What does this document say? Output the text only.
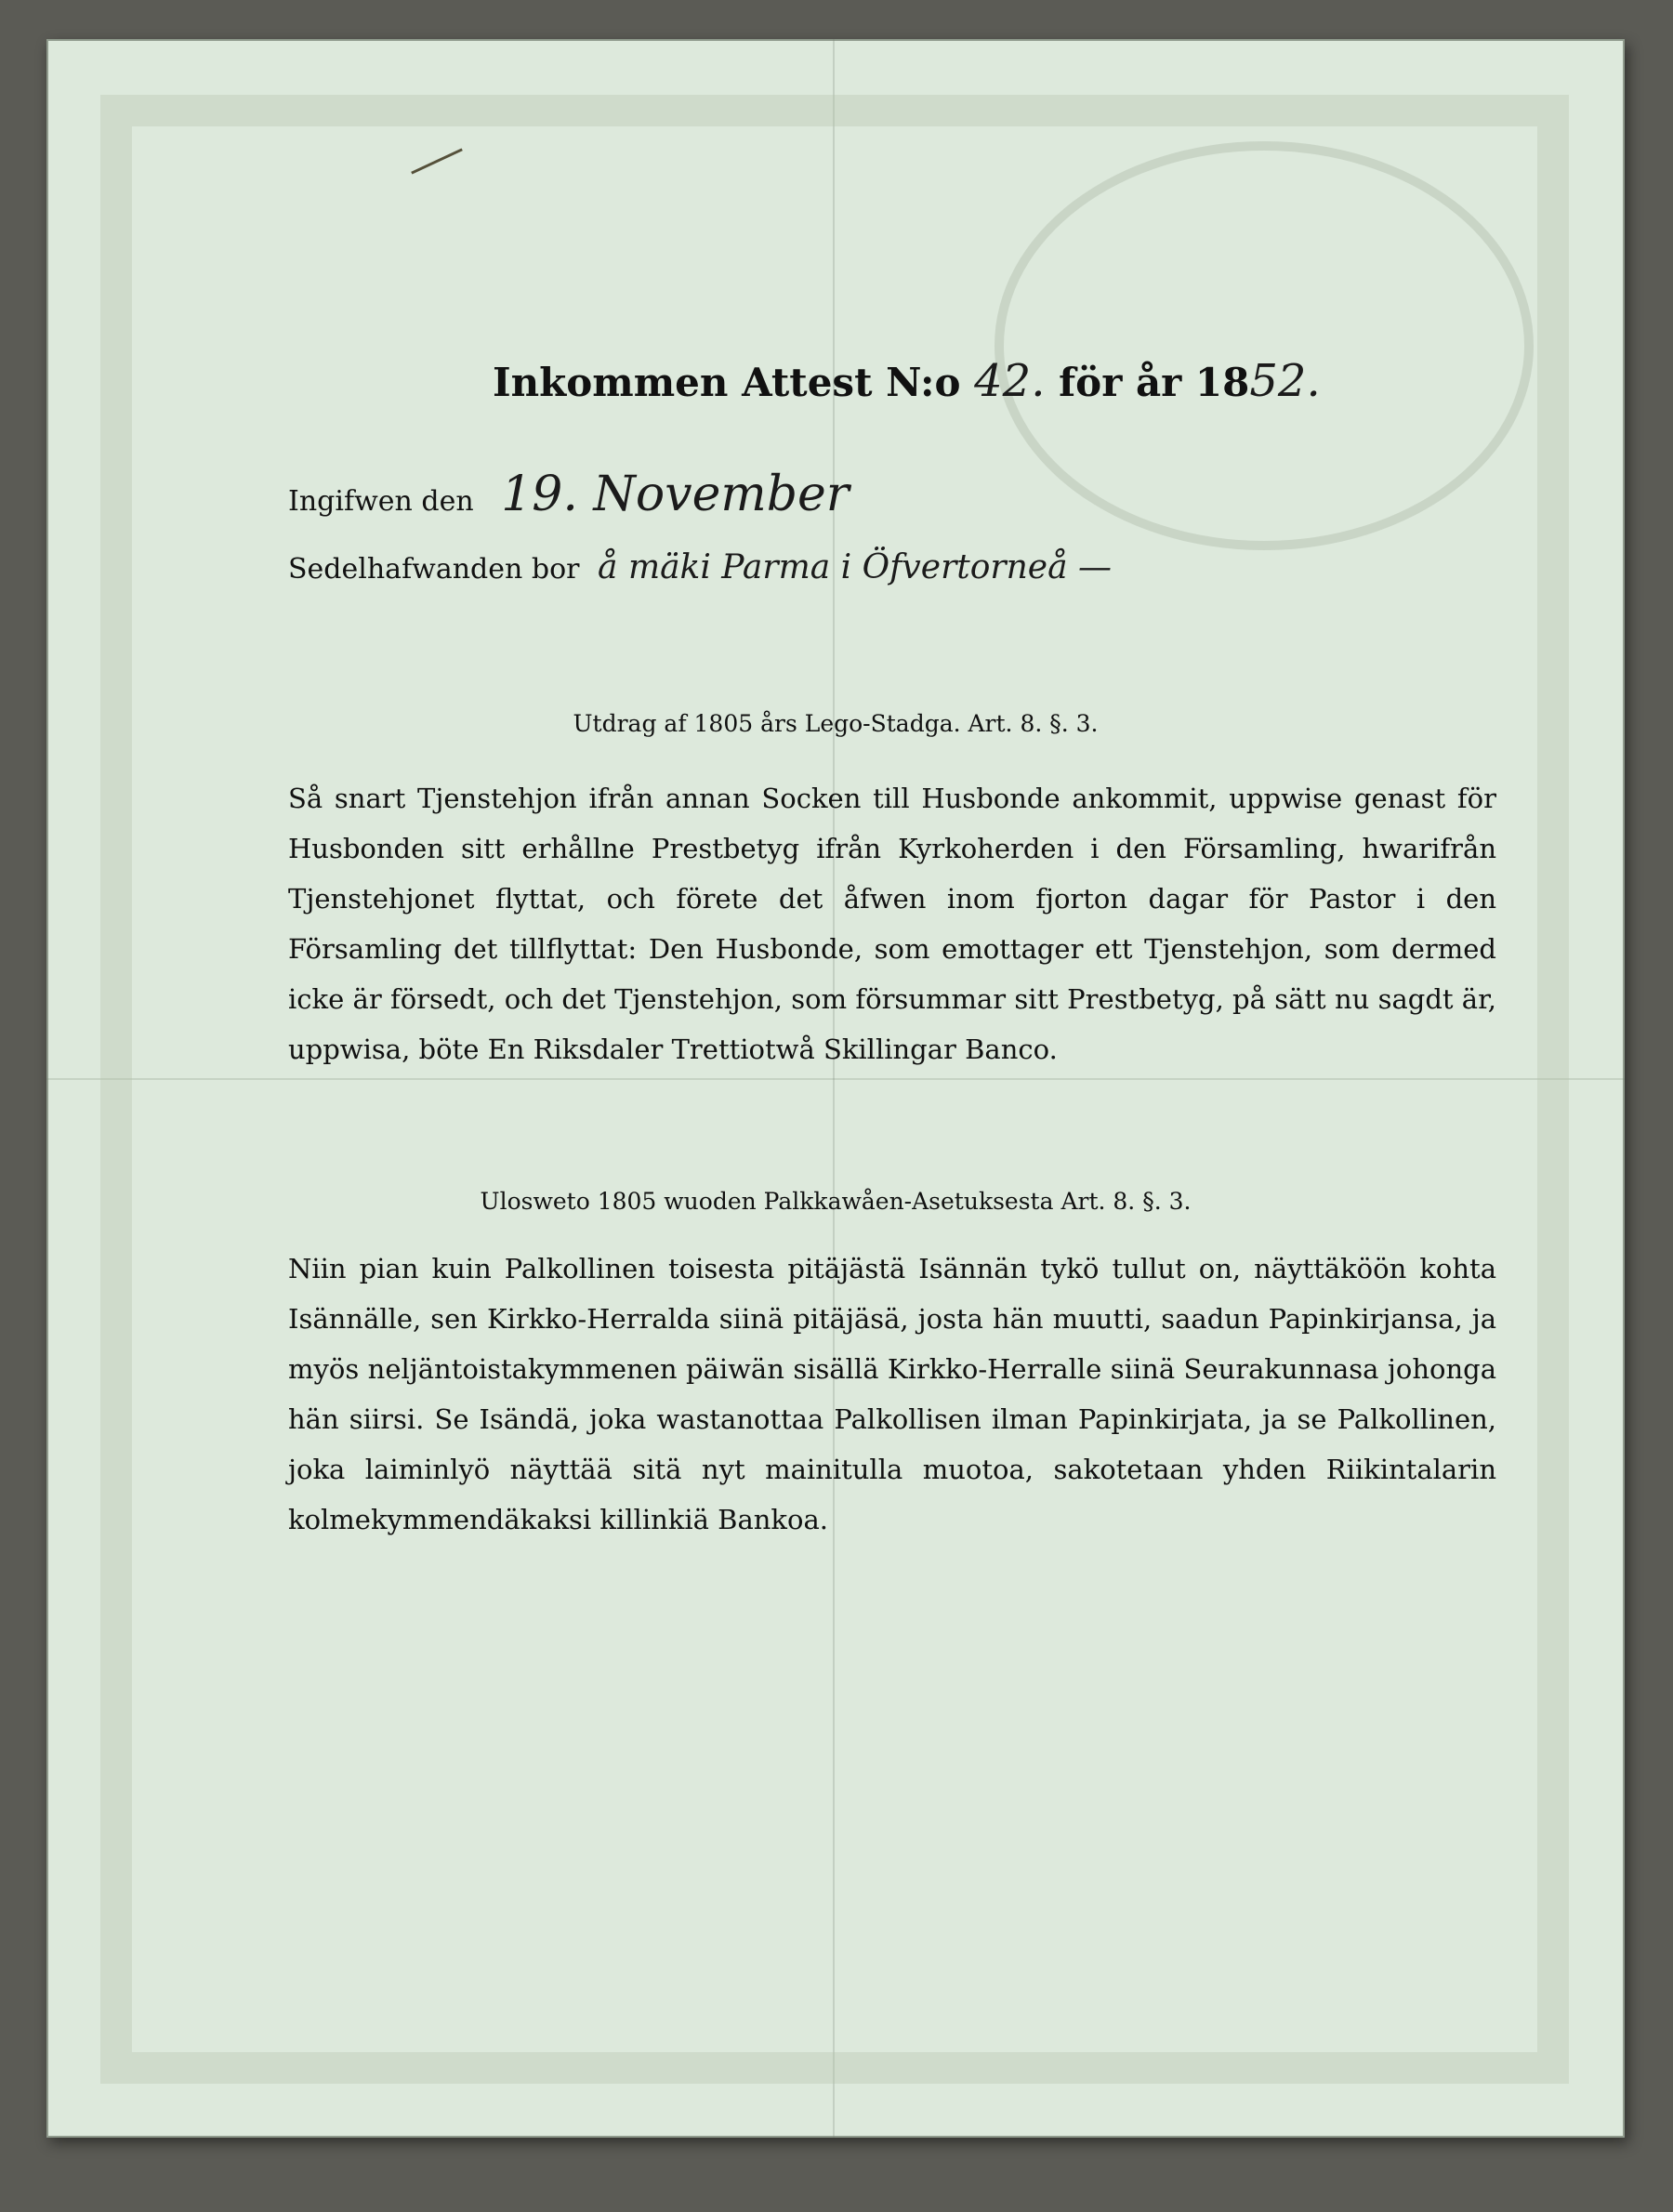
Inkommen Attest N:o 42. för år 1852.
Ingifwen den 19. November
Sedelhafwanden bor å mäki Parma i Öfvertorneå —
Utdrag af 1805 års Lego-Stadga. Art. 8. §. 3.

Så snart Tjenstehjon ifrån annan Socken till Husbonde ankommit, uppwise genast för Husbonden sitt erhållne Prestbetyg ifrån Kyrkoherden i den Församling, hwarifrån Tjenstehjonet flyttat, och förete det åfwen inom fjorton dagar för Pastor i den Församling det tillflyttat: Den Husbonde, som emottager ett Tjenstehjon, som dermed icke är försedt, och det Tjenstehjon, som försummar sitt Prestbetyg, på sätt nu sagdt är, uppwisa, böte En Riksdaler Trettiotwå Skillingar Banco.

Ulosweto 1805 wuoden Palkkawåen-Asetuksesta Art. 8. §. 3.

Niin pian kuin Palkollinen toisesta pitäjästä Isännän tykö tullut on, näyttäköön kohta Isännälle, sen Kirkko-Herralda siinä pitäjäsä, josta hän muutti, saadun Papinkirjansa, ja myös neljäntoistakymmenen päiwän sisällä Kirkko-Herralle siinä Seurakunnasa johonga hän siirsi. Se Isändä, joka wastanottaa Palkollisen ilman Papinkirjata, ja se Palkollinen, joka laiminlyö näyttää sitä nyt mainitulla muotoa, sakotetaan yhden Riikintalarin kolmekymmendäkaksi killinkiä Bankoa.
